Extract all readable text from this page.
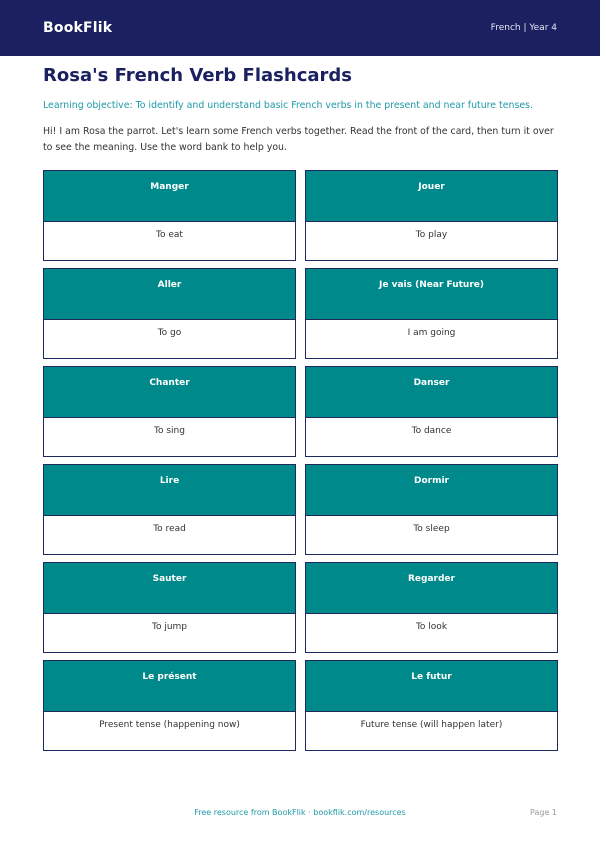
BookFlik	French | Year 4
Rosa's French Verb Flashcards

Learning objective: To identify and understand basic French verbs in the present and near future tenses.

Hi! I am Rosa the parrot. Let's learn some French verbs together. Read the front of the card, then turn it over to see the meaning. Use the word bank to help you.

Manger
To eat
Jouer
To play
Aller
To go
Je vais (Near Future)
I am going
Chanter
To sing
Danser
To dance
Lire
To read
Dormir
To sleep
Sauter
To jump
Regarder
To look
Le présent
Present tense (happening now)
Le futur
Future tense (will happen later)
Free resource from BookFlik · bookflik.com/resources	Page 1
